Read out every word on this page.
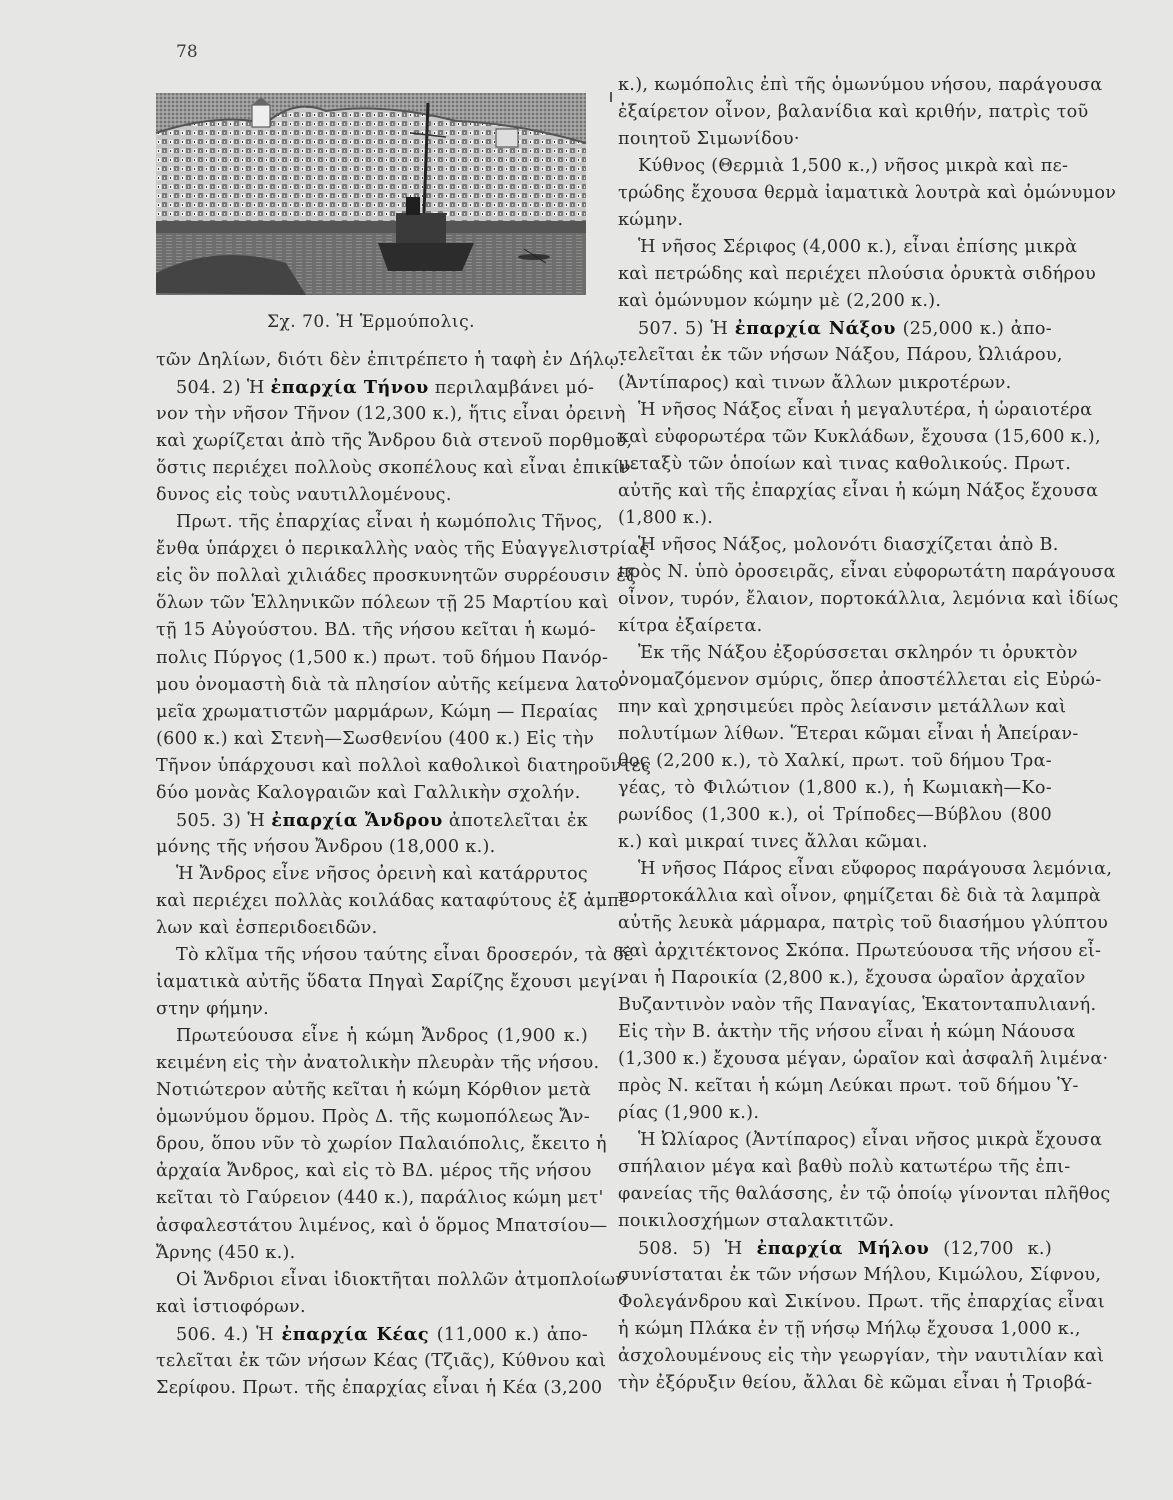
78
Σχ. 70. Ἡ Ἑρμούπολις.
τῶν Δηλίων, διότι δὲν ἐπιτρέπετο ἡ ταφὴ ἐν Δήλῳ.
504. 2) Ἡ ἐπαρχία Τήνου περιλαμβάνει μό-
νον τὴν νῆσον Τῆνον (12,300 κ.), ἥτις εἶναι ὀρεινὴ
καὶ χωρίζεται ἀπὸ τῆς Ἄνδρου διὰ στενοῦ πορθμοῦ,
ὅστις περιέχει πολλοὺς σκοπέλους καὶ εἶναι ἐπικίν-
δυνος εἰς τοὺς ναυτιλλομένους.
Πρωτ. τῆς ἐπαρχίας εἶναι ἡ κωμόπολις Τῆνος,
ἔνθα ὑπάρχει ὁ περικαλλὴς ναὸς τῆς Εὐαγγελιστρίας
εἰς ὃν πολλαὶ χιλιάδες προσκυνητῶν συρρέουσιν ἐξ
ὅλων τῶν Ἑλληνικῶν πόλεων τῇ 25 Μαρτίου καὶ
τῇ 15 Αὐγούστου. ΒΔ. τῆς νήσου κεῖται ἡ κωμό-
πολις Πύργος (1,500 κ.) πρωτ. τοῦ δήμου Πανόρ-
μου ὀνομαστὴ διὰ τὰ πλησίον αὐτῆς κείμενα λατο-
μεῖα χρωματιστῶν μαρμάρων, Κώμη — Περαίας
(600 κ.) καὶ Στενὴ—Σωσθενίου (400 κ.) Εἰς τὴν
Τῆνον ὑπάρχουσι καὶ πολλοὶ καθολικοὶ διατηροῦντες
δύο μονὰς Καλογραιῶν καὶ Γαλλικὴν σχολήν.
505. 3) Ἡ ἐπαρχία Ἄνδρου ἀποτελεῖται ἐκ
μόνης τῆς νήσου Ἄνδρου (18,000 κ.).
Ἡ Ἄνδρος εἶνε νῆσος ὀρεινὴ καὶ κατάρρυτος
καὶ περιέχει πολλὰς κοιλάδας καταφύτους ἐξ ἀμπέ-
λων καὶ ἐσπεριδοειδῶν.
Τὸ κλῖμα τῆς νήσου ταύτης εἶναι δροσερόν, τὰ δὲ
ἰαματικὰ αὐτῆς ὕδατα Πηγαὶ Σαρίζης ἔχουσι μεγί-
στην φήμην.
Πρωτεύουσα εἶνε ἡ κώμη Ἄνδρος (1,900 κ.)
κειμένη εἰς τὴν ἀνατολικὴν πλευρὰν τῆς νήσου.
Νοτιώτερον αὐτῆς κεῖται ἡ κώμη Κόρθιον μετὰ
ὁμωνύμου ὅρμου. Πρὸς Δ. τῆς κωμοπόλεως Ἄν-
δρου, ὅπου νῦν τὸ χωρίον Παλαιόπολις, ἔκειτο ἡ
ἀρχαία Ἄνδρος, καὶ εἰς τὸ ΒΔ. μέρος τῆς νήσου
κεῖται τὸ Γαύρειον (440 κ.), παράλιος κώμη μετ'
ἀσφαλεστάτου λιμένος, καὶ ὁ ὅρμος Μπατσίου—
Ἄρνης (450 κ.).
Οἱ Ἄνδριοι εἶναι ἰδιοκτῆται πολλῶν ἀτμοπλοίων
καὶ ἱστιοφόρων.
506. 4.) Ἡ ἐπαρχία Κέας (11,000 κ.) ἀπο-
τελεῖται ἐκ τῶν νήσων Κέας (Τζιᾶς), Κύθνου καὶ
Σερίφου. Πρωτ. τῆς ἐπαρχίας εἶναι ἡ Κέα (3,200
κ.), κωμόπολις ἐπὶ τῆς ὁμωνύμου νήσου, παράγουσα
ἐξαίρετον οἶνον, βαλανίδια καὶ κριθήν, πατρὶς τοῦ
ποιητοῦ Σιμωνίδου·
Κύθνος (Θερμιὰ 1,500 κ.,) νῆσος μικρὰ καὶ πε-
τρώδης ἔχουσα θερμὰ ἰαματικὰ λουτρὰ καὶ ὁμώνυμον
κώμην.
Ἡ νῆσος Σέριφος (4,000 κ.), εἶναι ἐπίσης μικρὰ
καὶ πετρώδης καὶ περιέχει πλούσια ὀρυκτὰ σιδήρου
καὶ ὁμώνυμον κώμην μὲ (2,200 κ.).
507. 5) Ἡ ἐπαρχία Νάξου (25,000 κ.) ἀπο-
τελεῖται ἐκ τῶν νήσων Νάξου, Πάρου, Ὠλιάρου,
(Ἀντίπαρος) καὶ τινων ἄλλων μικροτέρων.
Ἡ νῆσος Νάξος εἶναι ἡ μεγαλυτέρα, ἡ ὡραιοτέρα
καὶ εὐφορωτέρα τῶν Κυκλάδων, ἔχουσα (15,600 κ.),
μεταξὺ τῶν ὁποίων καὶ τινας καθολικούς. Πρωτ.
αὐτῆς καὶ τῆς ἐπαρχίας εἶναι ἡ κώμη Νάξος ἔχουσα
(1,800 κ.).
Ἡ νῆσος Νάξος, μολονότι διασχίζεται ἀπὸ Β.
πρὸς Ν. ὑπὸ ὀροσειρᾶς, εἶναι εὐφορωτάτη παράγουσα
οἶνον, τυρόν, ἔλαιον, πορτοκάλλια, λεμόνια καὶ ἰδίως
κίτρα ἐξαίρετα.
Ἐκ τῆς Νάξου ἐξορύσσεται σκληρόν τι ὀρυκτὸν
ὀνομαζόμενον σμύρις, ὅπερ ἀποστέλλεται εἰς Εὐρώ-
πην καὶ χρησιμεύει πρὸς λείανσιν μετάλλων καὶ
πολυτίμων λίθων. Ἕτεραι κῶμαι εἶναι ἡ Ἀπείραν-
θος (2,200 κ.), τὸ Χαλκί, πρωτ. τοῦ δήμου Τρα-
γέας, τὸ Φιλώτιον (1,800 κ.), ἡ Κωμιακὴ—Κο-
ρωνίδος (1,300 κ.), οἱ Τρίποδες—Βύβλου (800
κ.) καὶ μικραί τινες ἄλλαι κῶμαι.
Ἡ νῆσος Πάρος εἶναι εὔφορος παράγουσα λεμόνια,
πορτοκάλλια καὶ οἶνον, φημίζεται δὲ διὰ τὰ λαμπρὰ
αὐτῆς λευκὰ μάρμαρα, πατρὶς τοῦ διασήμου γλύπτου
καὶ ἀρχιτέκτονος Σκόπα. Πρωτεύουσα τῆς νήσου εἶ-
ναι ἡ Παροικία (2,800 κ.), ἔχουσα ὡραῖον ἀρχαῖον
Βυζαντινὸν ναὸν τῆς Παναγίας, Ἑκατονταπυλιανή.
Εἰς τὴν Β. ἀκτὴν τῆς νήσου εἶναι ἡ κώμη Νάουσα
(1,300 κ.) ἔχουσα μέγαν, ὡραῖον καὶ ἀσφαλῆ λιμένα·
πρὸς Ν. κεῖται ἡ κώμη Λεύκαι πρωτ. τοῦ δήμου Ὑ-
ρίας (1,900 κ.).
Ἡ Ὠλίαρος (Ἀντίπαρος) εἶναι νῆσος μικρὰ ἔχουσα
σπήλαιον μέγα καὶ βαθὺ πολὺ κατωτέρω τῆς ἐπι-
φανείας τῆς θαλάσσης, ἐν τῷ ὁποίῳ γίνονται πλῆθος
ποικιλοσχήμων σταλακτιτῶν.
508. 5) Ἡ ἐπαρχία Μήλου (12,700 κ.)
συνίσταται ἐκ τῶν νήσων Μήλου, Κιμώλου, Σίφνου,
Φολεγάνδρου καὶ Σικίνου. Πρωτ. τῆς ἐπαρχίας εἶναι
ἡ κώμη Πλάκα ἐν τῇ νήσῳ Μήλῳ ἔχουσα 1,000 κ.,
ἀσχολουμένους εἰς τὴν γεωργίαν, τὴν ναυτιλίαν καὶ
τὴν ἐξόρυξιν θείου, ἄλλαι δὲ κῶμαι εἶναι ἡ Τριοβά-
